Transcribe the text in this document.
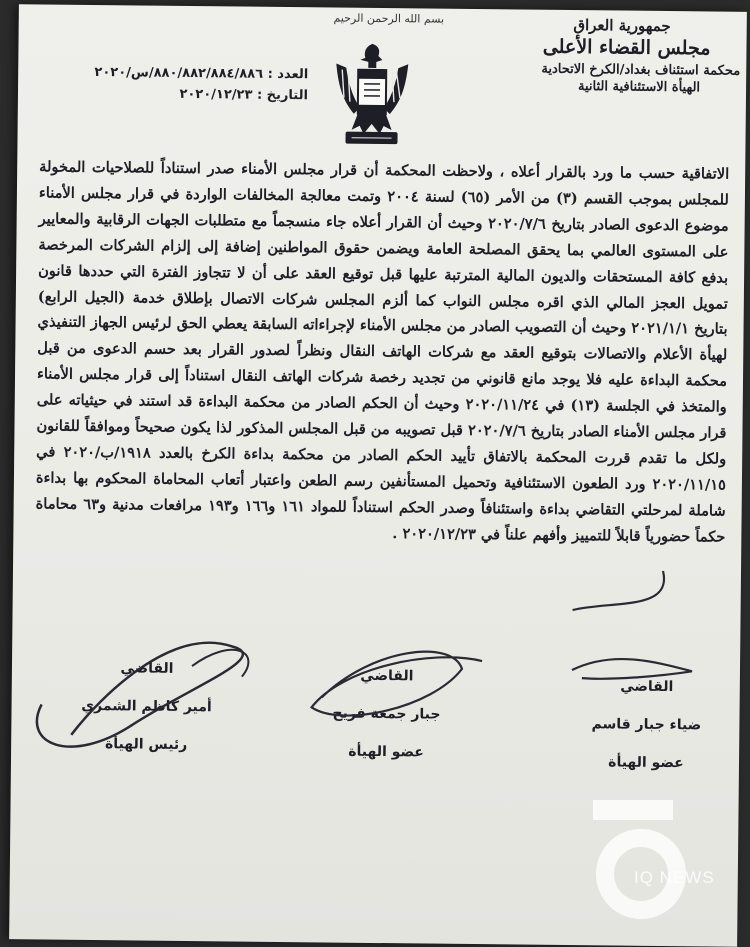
بسم الله الرحمن الرحيم	جمهورية العراق
مجلس القضاء الأعلى
محكمة استئناف بغداد/الكرخ الاتحادية
الهيأة الاستئنافية الثانية
العدد : ٨٨٠/٨٨٢/٨٨٤/٨٨٦/س/٢٠٢٠
التاريخ : ٢٠٢٠/١٢/٢٣

الاتفاقية حسب ما ورد بالقرار أعلاه ، ولاحظت المحكمة أن قرار مجلس الأمناء صدر استناداً للصلاحيات المخولة للمجلس بموجب القسم (٣) من الأمر (٦٥) لسنة ٢٠٠٤ وتمت معالجة المخالفات الواردة في قرار مجلس الأمناء موضوع الدعوى الصادر بتاريخ ٢٠٢٠/٧/٦ وحيث أن القرار أعلاه جاء منسجماً مع متطلبات الجهات الرقابية والمعايير على المستوى العالمي بما يحقق المصلحة العامة ويضمن حقوق المواطنين إضافة إلى إلزام الشركات المرخصة بدفع كافة المستحقات والديون المالية المترتبة عليها قبل توقيع العقد على أن لا تتجاوز الفترة التي حددها قانون تمويل العجز المالي الذي اقره مجلس النواب كما ألزم المجلس شركات الاتصال بإطلاق خدمة (الجيل الرابع) بتاريخ ٢٠٢١/١/١ وحيث أن التصويب الصادر من مجلس الأمناء لإجراءاته السابقة يعطي الحق لرئيس الجهاز التنفيذي لهيأة الأعلام والاتصالات بتوقيع العقد مع شركات الهاتف النقال ونظراً لصدور القرار بعد حسم الدعوى من قبل محكمة البداءة عليه فلا يوجد مانع قانوني من تجديد رخصة شركات الهاتف النقال استناداً إلى قرار مجلس الأمناء والمتخذ في الجلسة (١٣) في ٢٠٢٠/١١/٢٤ وحيث أن الحكم الصادر من محكمة البداءة قد استند في حيثياته على قرار مجلس الأمناء الصادر بتاريخ ٢٠٢٠/٧/٦ قبل تصويبه من قبل المجلس المذكور لذا يكون صحيحاً وموافقاً للقانون ولكل ما تقدم قررت المحكمة بالاتفاق تأييد الحكم الصادر من محكمة بداءة الكرخ بالعدد ١٩١٨/ب/٢٠٢٠ في ٢٠٢٠/١١/١٥ ورد الطعون الاستئنافية وتحميل المستأنفين رسم الطعن واعتبار أتعاب المحاماة المحكوم بها بداءة شاملة لمرحلتي التقاضي بداءة واستئنافاً وصدر الحكم استناداً للمواد ١٦١ و١٦٦ و١٩٣ مرافعات مدنية و٦٣ محاماة حكماً حضورياً قابلاً للتمييز وأفهم علناً في ٢٠٢٠/١٢/٢٣ .

القاضي
أمير كاظم الشمري
رئيس الهيأة
القاضي
جبار جمعة فريح
عضو الهيأة
القاضي
ضياء جبار قاسم
عضو الهيأة
IQ NEWS
